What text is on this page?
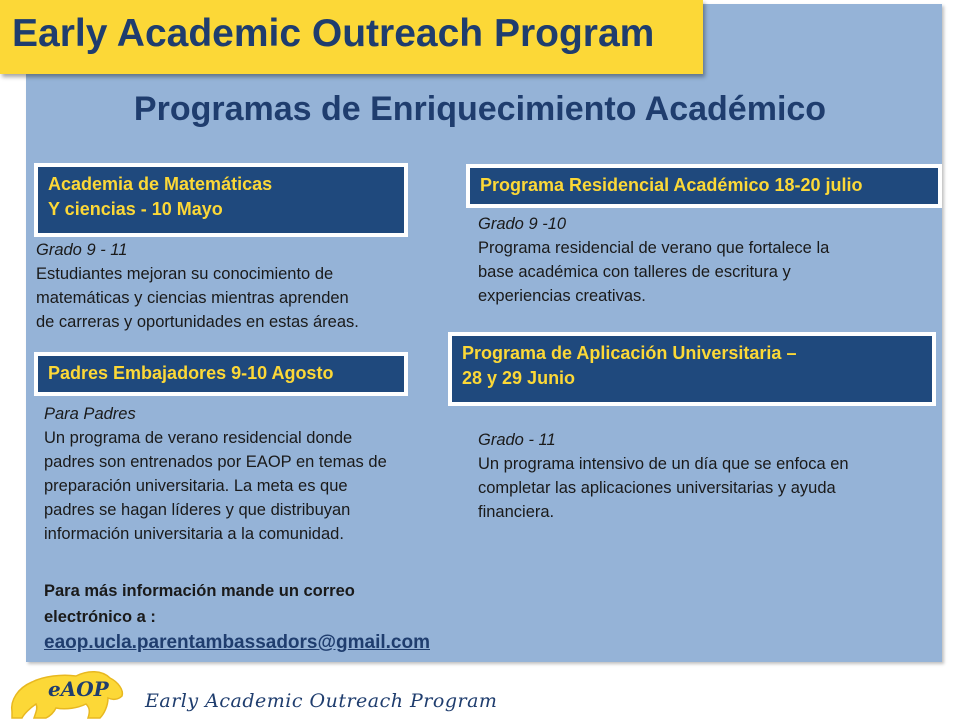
Early Academic Outreach Program
Programas de Enriquecimiento Académico
Academia de Matemáticas
Y ciencias - 10 Mayo
Grado 9 - 11
Estudiantes mejoran su conocimiento de
matemáticas y ciencias mientras aprenden
de carreras y oportunidades en estas áreas.
Programa Residencial Académico 18-20 julio
Grado 9 -10
Programa residencial de verano que fortalece la
base académica con talleres de escritura y
experiencias creativas.
Padres Embajadores 9-10 Agosto
Para Padres
Un programa de verano residencial donde
padres son entrenados por EAOP en temas de
preparación universitaria. La meta es que
padres se hagan líderes y que distribuyan
información universitaria a la comunidad.
Programa de Aplicación Universitaria –
28 y 29 Junio
Grado - 11
Un programa intensivo de un día que se enfoca en
completar las aplicaciones universitarias y ayuda
financiera.
Para más información mande un correo
electrónico a :
eaop.ucla.parentambassadors@gmail.com
eAOP Early Academic Outreach Program
